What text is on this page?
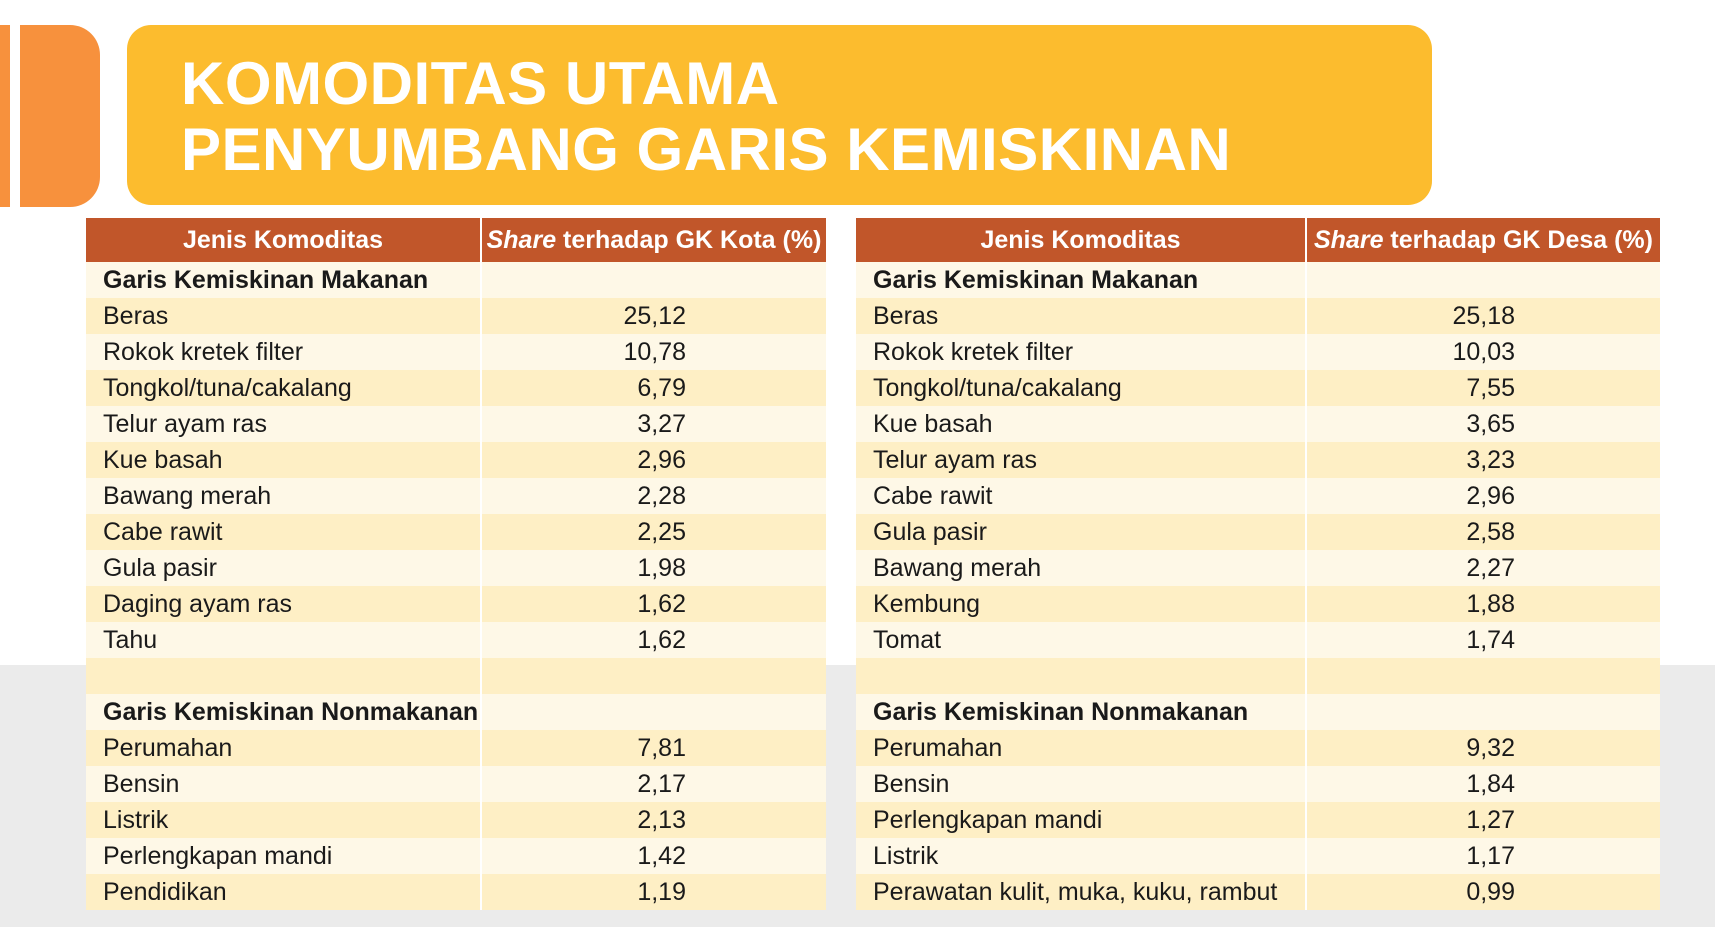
KOMODITAS UTAMA
PENYUMBANG GARIS KEMISKINAN
Jenis Komoditas	Share terhadap GK Kota (%)
Garis Kemiskinan Makanan	
Beras	25,12
Rokok kretek filter	10,78
Tongkol/tuna/cakalang	6,79
Telur ayam ras	3,27
Kue basah	2,96
Bawang merah	2,28
Cabe rawit	2,25
Gula pasir	1,98
Daging ayam ras	1,62
Tahu	1,62

Garis Kemiskinan Nonmakanan	
Perumahan	7,81
Bensin	2,17
Listrik	2,13
Perlengkapan mandi	1,42
Pendidikan	1,19
Jenis Komoditas	Share terhadap GK Desa (%)
Garis Kemiskinan Makanan	
Beras	25,18
Rokok kretek filter	10,03
Tongkol/tuna/cakalang	7,55
Kue basah	3,65
Telur ayam ras	3,23
Cabe rawit	2,96
Gula pasir	2,58
Bawang merah	2,27
Kembung	1,88
Tomat	1,74

Garis Kemiskinan Nonmakanan	
Perumahan	9,32
Bensin	1,84
Perlengkapan mandi	1,27
Listrik	1,17
Perawatan kulit, muka, kuku, rambut	0,99
